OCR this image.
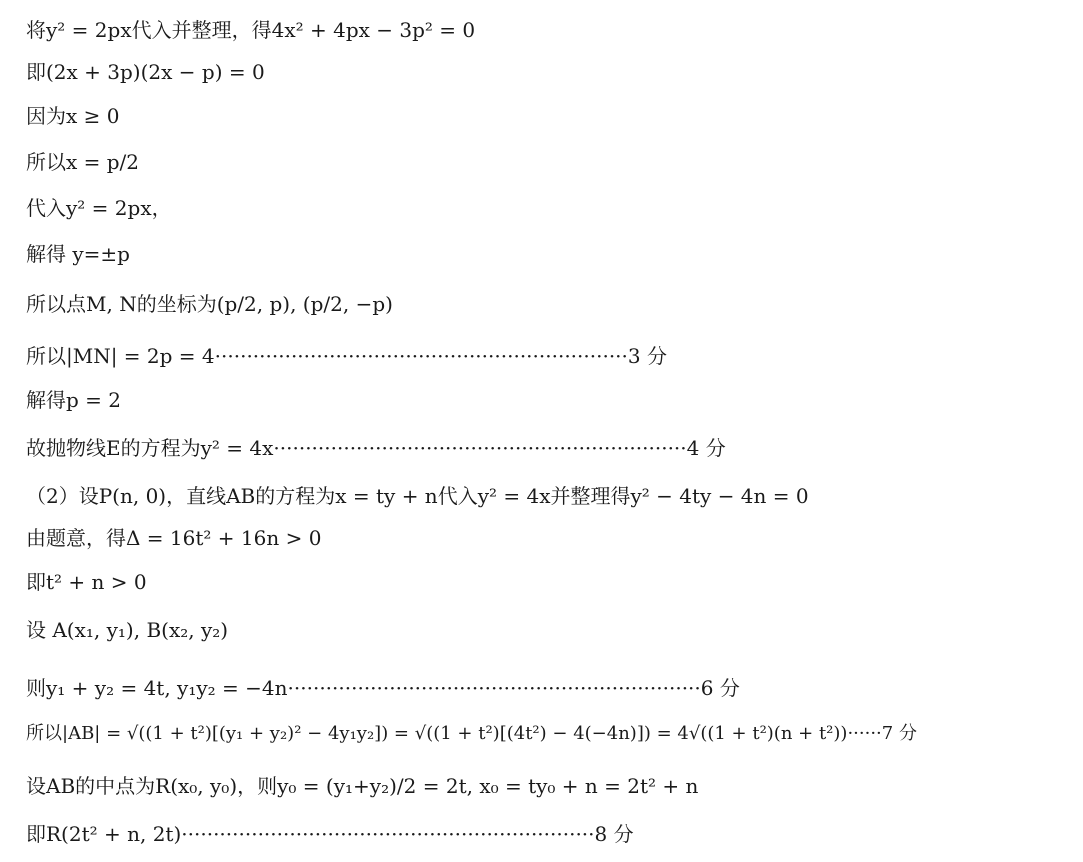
将y² = 2px代入并整理，得4x² + 4px − 3p² = 0
即(2x + 3p)(2x − p) = 0
因为x ≥ 0
所以x = p/2
代入y² = 2px，
解得 y=±p
所以点M, N的坐标为(p/2, p), (p/2, −p)
所以|MN| = 2p = 4·································································3 分
解得p = 2
故抛物线E的方程为y² = 4x·································································4 分
（2）设P(n, 0)，直线AB的方程为x = ty + n代入y² = 4x并整理得y² − 4ty − 4n = 0
由题意，得Δ = 16t² + 16n > 0
即t² + n > 0
设 A(x₁, y₁), B(x₂, y₂)
则y₁ + y₂ = 4t, y₁y₂ = −4n·································································6 分
所以|AB| = √((1 + t²)[(y₁ + y₂)² − 4y₁y₂]) = √((1 + t²)[(4t²) − 4(−4n)]) = 4√((1 + t²)(n + t²))······7 分
设AB的中点为R(x₀, y₀)，则y₀ = (y₁+y₂)/2 = 2t, x₀ = ty₀ + n = 2t² + n
即R(2t² + n, 2t)·································································8 分
